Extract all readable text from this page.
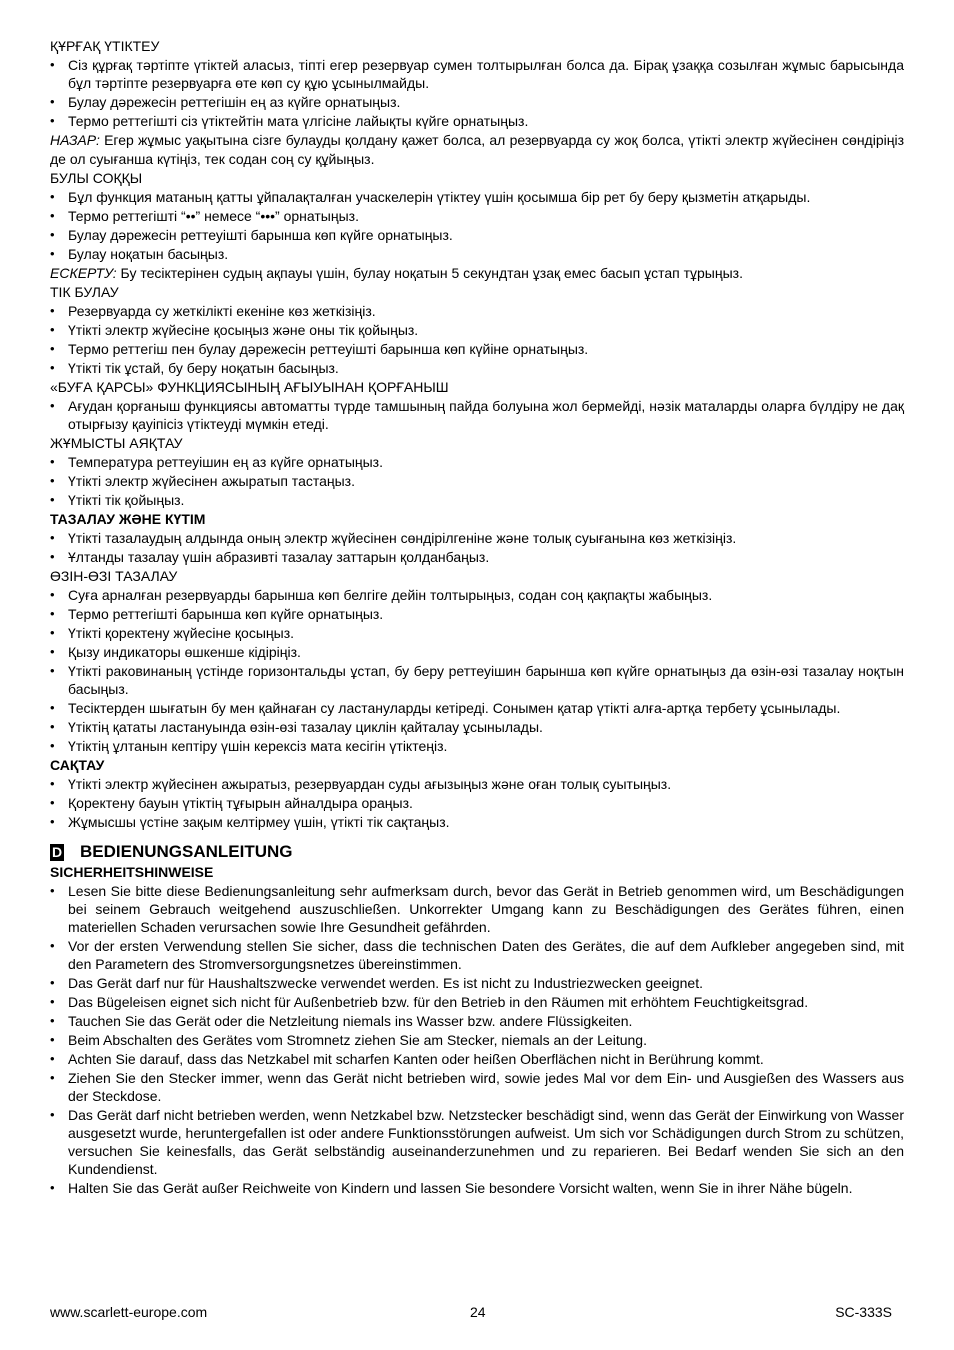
ҚҰРҒАҚ ҮТІКТЕУ
• Сіз құрғақ тәртіпте үтіктей аласыз, тіпті егер резервуар сумен толтырылған болса да. Бірақ ұзаққа созылған жұмыс барысында бұл тәртіпте резервуарға өте көп су құю ұсынылмайды.
• Булау дәрежесін реттегішін ең аз күйге орнатыңыз.
• Термо реттегішті сіз үтіктейтін мата үлгісіне лайықты күйге орнатыңыз.

НАЗАР: Егер жұмыс уақытына сізге булауды қолдану қажет болса, ал резервуарда су жоқ болса, үтікті электр жүйесінен сөндіріңіз де ол суығанша күтіңіз, тек содан соң су құйыңыз.

БУЛЫ СОҚҚЫ
• Бұл функция матаның қатты ұйпалақталған учаскелерін үтіктеу үшін қосымша бір рет бу беру қызметін атқарыды.
• Термо реттегішті “••” немесе “•••” орнатыңыз.
• Булау дәрежесін реттеуішті барынша көп күйге орнатыңыз.
• Булау ноқатын басыңыз.

ЕСКЕРТУ: Бу тесіктерінен судың ақпауы үшін, булау ноқатын 5 секундтан ұзақ емес басып ұстап тұрыңыз.

ТІК БУЛАУ
• Резервуарда су жеткілікті екеніне көз жеткізіңіз.
• Үтікті электр жүйесіне қосыңыз және оны тік қойыңыз.
• Термо реттегіш пен булау дәрежесін реттеуішті барынша көп күйіне орнатыңыз.
• Үтікті тік ұстай, бу беру ноқатын басыңыз.
«БУҒА ҚАРСЫ» ФУНКЦИЯСЫНЫҢ АҒЫУЫНАН ҚОРҒАНЫШ
• Ағудан қорғаныш функциясы автоматты түрде тамшының пайда болуына жол бермейді, нәзік маталарды оларға бүлдіру не дақ отырғызу қауіпісіз үтіктеуді мүмкін етеді.
ЖҰМЫСТЫ АЯҚТАУ
• Температура реттеуішин ең аз күйге орнатыңыз.
• Үтікті электр жүйесінен ажыратып тастаңыз.
• Үтікті тік қойыңыз.
ТАЗАЛАУ ЖӘНЕ КҮТІМ
• Үтікті тазалаудың алдында оның электр жүйесінен сөндірілгеніне және толық суығанына көз жеткізіңіз.
• Ұлтанды тазалау үшін абразивті тазалау заттарын қолданбаңыз.
ӨЗІН-ӨЗІ ТАЗАЛАУ
• Суға арналған резервуарды барынша көп белгіге дейін толтырыңыз, содан соң қақпақты жабыңыз.
• Термо реттегішті барынша көп күйге орнатыңыз.
• Үтікті қоректену жүйесіне қосыңыз.
• Қызу индикаторы өшкенше кідіріңіз.
• Үтікті раковинаның үстінде горизонтальды ұстап, бу беру реттеуішин барынша көп күйге орнатыңыз да өзін-өзі тазалау ноқтын басыңыз.
• Тесіктерден шығатын бу мен қайнаған су ластануларды кетіреді. Сонымен қатар үтікті алға-артқа тербету ұсынылады.
• Үтіктің қататы ластануында өзін-өзі тазалау циклін қайталау ұсынылады.
• Үтіктің ұлтанын кептіру үшін керексіз мата кесігін үтіктеңіз.
САҚТАУ
• Үтікті электр жүйесінен ажыратыз, резервуардан суды ағызыңыз және оған толық суытыңыз.
• Қоректену бауын үтіктің тұғырын айналдыра ораңыз.
• Жұмысшы үстіне зақым келтірмеу үшін, үтікті тік сақтаңыз.
D BEDIENUNGSANLEITUNG
SICHERHEITSHINWEISE
• Lesen Sie bitte diese Bedienungsanleitung sehr aufmerksam durch, bevor das Gerät in Betrieb genommen wird, um Beschädigungen bei seinem Gebrauch weitgehend auszuschließen. Unkorrekter Umgang kann zu Beschädigungen des Gerätes führen, einen materiellen Schaden verursachen sowie Ihre Gesundheit gefährden.
• Vor der ersten Verwendung stellen Sie sicher, dass die technischen Daten des Gerätes, die auf dem Aufkleber angegeben sind, mit den Parametern des Stromversorgungsnetzes übereinstimmen.
• Das Gerät darf nur für Haushaltszwecke verwendet werden. Es ist nicht zu Industriezwecken geeignet.
• Das Bügeleisen eignet sich nicht für Außenbetrieb bzw. für den Betrieb in den Räumen mit erhöhtem Feuchtigkeitsgrad.
• Tauchen Sie das Gerät oder die Netzleitung niemals ins Wasser bzw. andere Flüssigkeiten.
• Beim Abschalten des Gerätes vom Stromnetz ziehen Sie am Stecker, niemals an der Leitung.
• Achten Sie darauf, dass das Netzkabel mit scharfen Kanten oder heißen Oberflächen nicht in Berührung kommt.
• Ziehen Sie den Stecker immer, wenn das Gerät nicht betrieben wird, sowie jedes Mal vor dem Ein- und Ausgießen des Wassers aus der Steckdose.
• Das Gerät darf nicht betrieben werden, wenn Netzkabel bzw. Netzstecker beschädigt sind, wenn das Gerät der Einwirkung von Wasser ausgesetzt wurde, heruntergefallen ist oder andere Funktionsstörungen aufweist. Um sich vor Schädigungen durch Strom zu schützen, versuchen Sie keinesfalls, das Gerät selbständig auseinanderzunehmen und zu reparieren. Bei Bedarf wenden Sie sich an den Kundendienst.
• Halten Sie das Gerät außer Reichweite von Kindern und lassen Sie besondere Vorsicht walten, wenn Sie in ihrer Nähe bügeln.
www.scarlett-europe.com	24	SC-333S
